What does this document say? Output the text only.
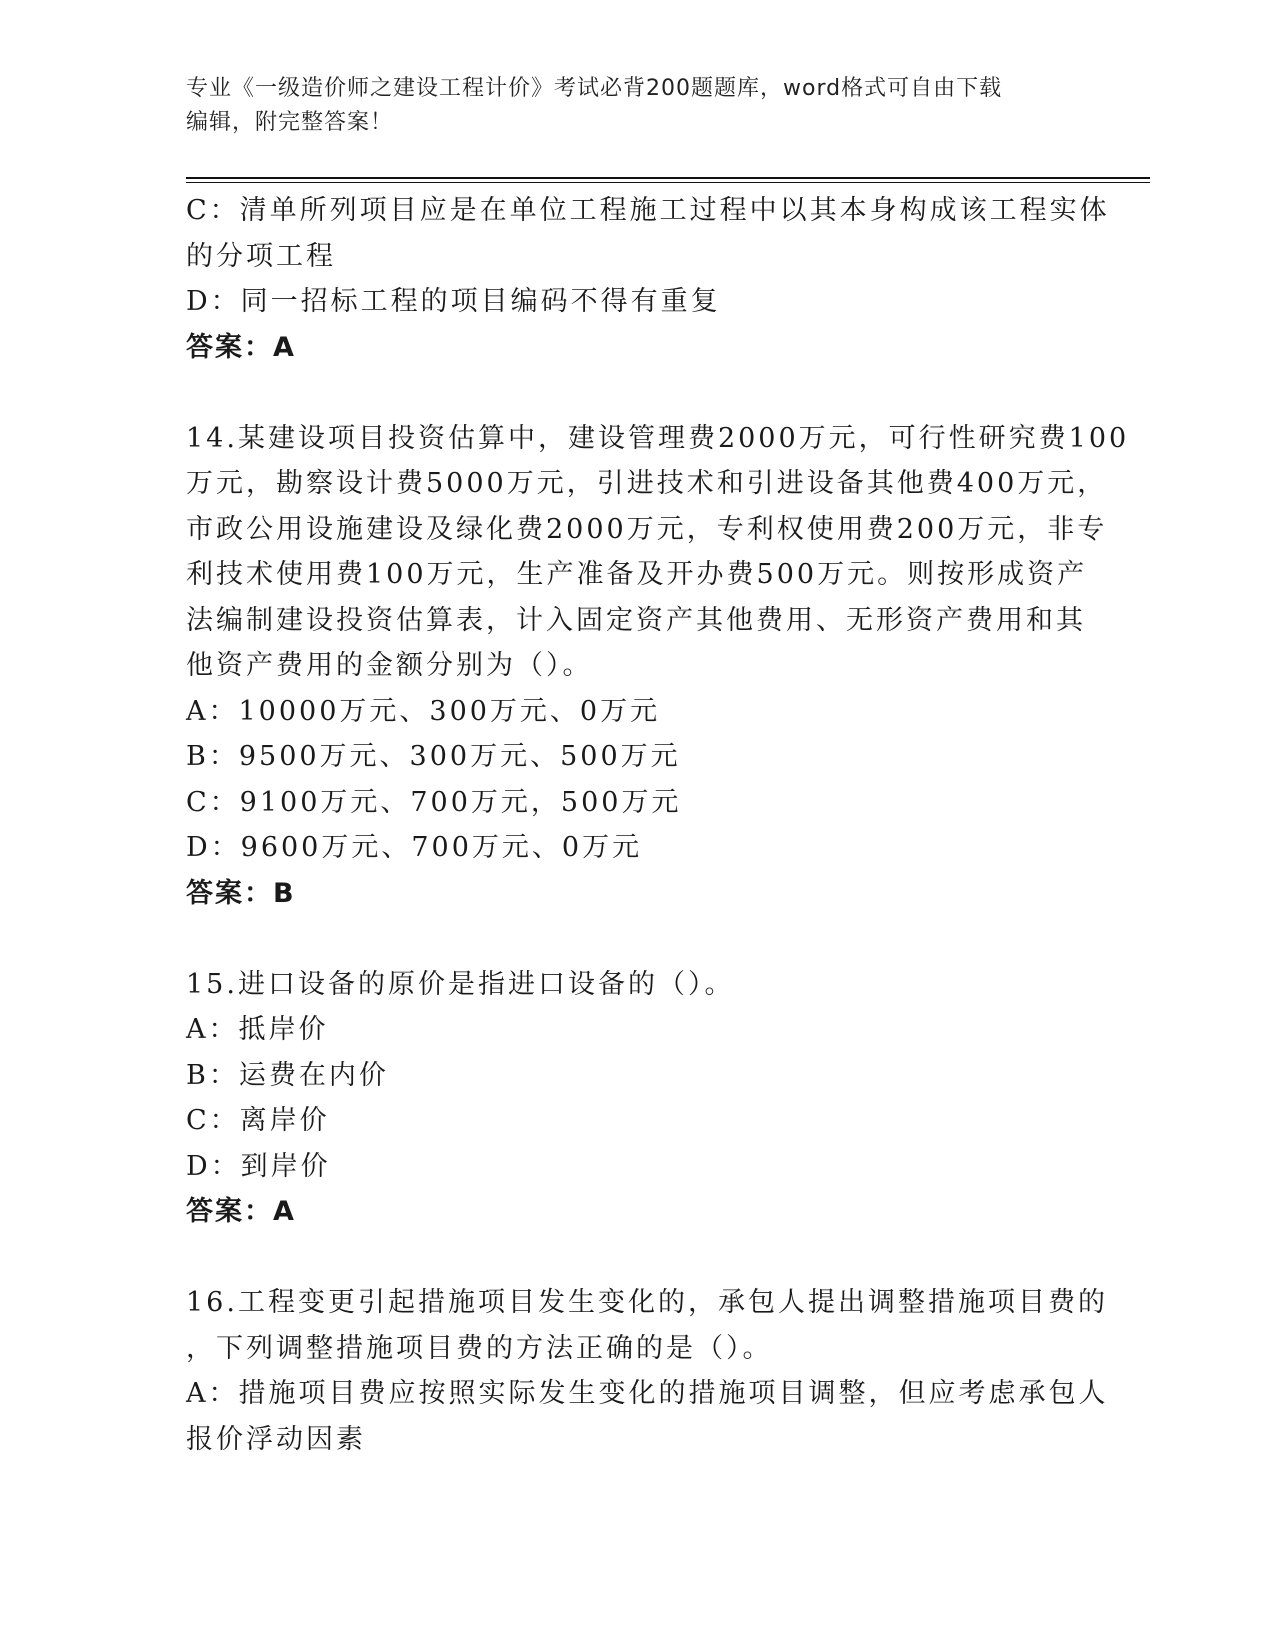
专业《一级造价师之建设工程计价》考试必背200题题库，word格式可自由下载
编辑，附完整答案！
C：清单所列项目应是在单位工程施工过程中以其本身构成该工程实体
的分项工程
D：同一招标工程的项目编码不得有重复
答案：A
14.某建设项目投资估算中，建设管理费2000万元，可行性研究费100
万元，勘察设计费5000万元，引进技术和引进设备其他费400万元，
市政公用设施建设及绿化费2000万元，专利权使用费200万元，非专
利技术使用费100万元，生产准备及开办费500万元。则按形成资产
法编制建设投资估算表，计入固定资产其他费用、无形资产费用和其
他资产费用的金额分别为（）。
A：10000万元、300万元、0万元
B：9500万元、300万元、500万元
C：9100万元、700万元，500万元
D：9600万元、700万元、0万元
答案：B
15.进口设备的原价是指进口设备的（）。
A：抵岸价
B：运费在内价
C：离岸价
D：到岸价
答案：A
16.工程变更引起措施项目发生变化的，承包人提出调整措施项目费的
，下列调整措施项目费的方法正确的是（）。
A：措施项目费应按照实际发生变化的措施项目调整，但应考虑承包人
报价浮动因素
